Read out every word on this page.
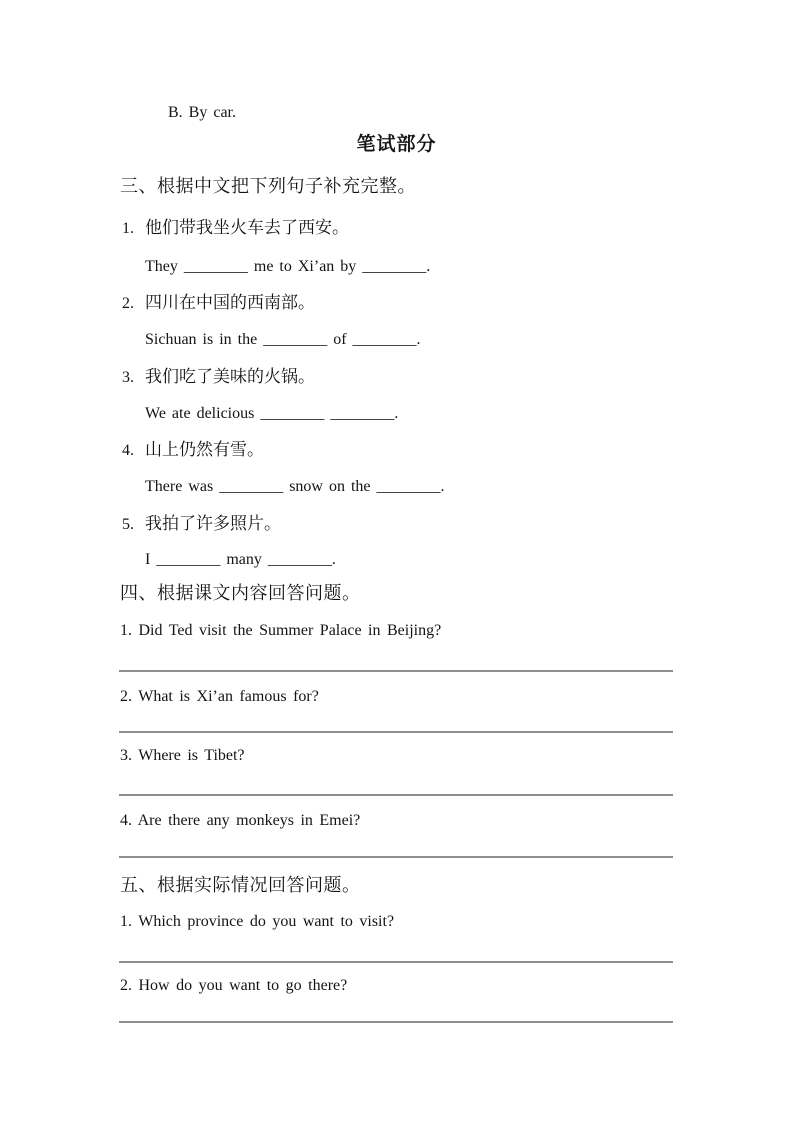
B. By car.
笔试部分
三、根据中文把下列句子补充完整。
1. 他们带我坐火车去了西安。
They ________ me to Xi’an by ________.
2. 四川在中国的西南部。
Sichuan is in the ________ of ________.
3. 我们吃了美味的火锅。
We ate delicious ________ ________.
4. 山上仍然有雪。
There was ________ snow on the ________.
5. 我拍了许多照片。
I ________ many ________.
四、根据课文内容回答问题。
1. Did Ted visit the Summer Palace in Beijing?
2. What is Xi’an famous for?
3. Where is Tibet?
4. Are there any monkeys in Emei?
五、根据实际情况回答问题。
1. Which province do you want to visit?
2. How do you want to go there?
